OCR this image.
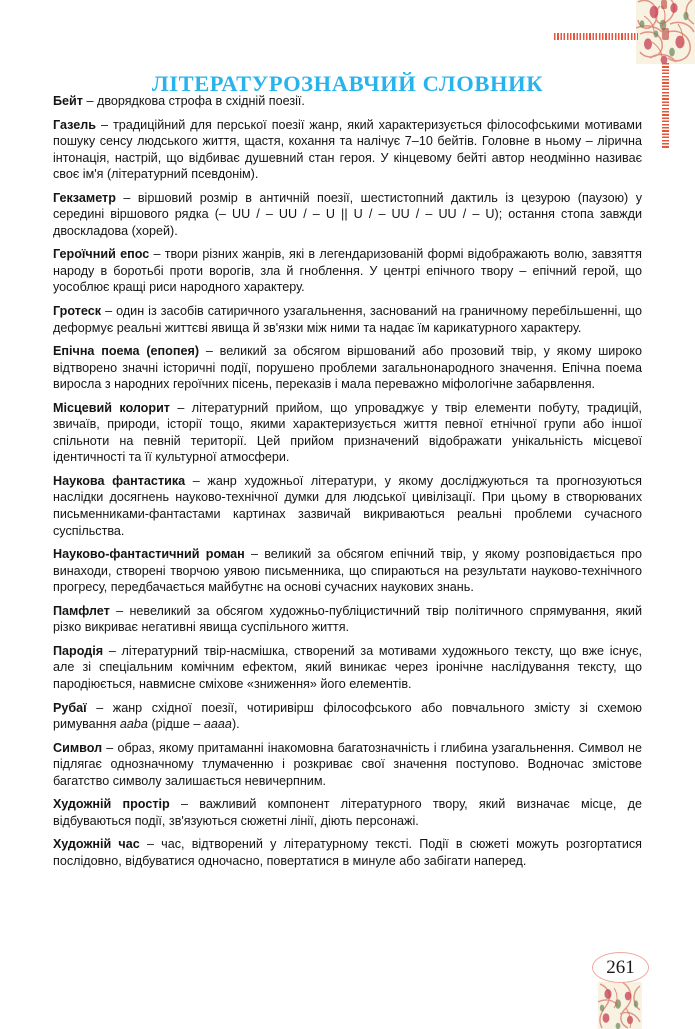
ЛІТЕРАТУРОЗНАВЧИЙ СЛОВНИК

Бейт – дворядкова строфа в східній поезії.

Газель – традиційний для перської поезії жанр, який характеризується філософськими мотивами пошуку сенсу людського життя, щастя, кохання та налічує 7–10 бейтів. Головне в ньому – лірична інтонація, настрій, що відбиває душевний стан героя. У кінцевому бейті автор неодмінно називає своє ім'я (літературний псевдонім).

Гекзаметр – віршовий розмір в античній поезії, шестистопний дактиль із цезурою (паузою) у середині віршового рядка (– UU / – UU / – U || U / – UU / – UU / – U); остання стопа завжди двоскладова (хорей).

Героїчний епос – твори різних жанрів, які в легендаризованій формі відображають волю, завзяття народу в боротьбі проти ворогів, зла й гноблення. У центрі епічного твору – епічний герой, що уособлює кращі риси народного характеру.

Гротеск – один із засобів сатиричного узагальнення, заснований на граничному перебільшенні, що деформує реальні життєві явища й зв'язки між ними та надає їм карикатурного характеру.

Епічна поема (епопея) – великий за обсягом віршований або прозовий твір, у якому широко відтворено значні історичні події, порушено проблеми загальнонародного значення. Епічна поема виросла з народних героїчних пісень, переказів і мала переважно міфологічне забарвлення.

Місцевий колорит – літературний прийом, що упроваджує у твір елементи побуту, традицій, звичаїв, природи, історії тощо, якими характеризується життя певної етнічної групи або іншої спільноти на певній території. Цей прийом призначений відображати унікальність місцевої ідентичності та її культурної атмосфери.

Наукова фантастика – жанр художньої літератури, у якому досліджуються та прогнозуються наслідки досягнень науково-технічної думки для людської цивілізації. При цьому в створюваних письменниками-фантастами картинах зазвичай викриваються реальні проблеми сучасного суспільства.

Науково-фантастичний роман – великий за обсягом епічний твір, у якому розповідається про винаходи, створені творчою уявою письменника, що спираються на результати науково-технічного прогресу, передбачається майбутнє на основі сучасних наукових знань.

Памфлет – невеликий за обсягом художньо-публіцистичний твір політичного спрямування, який різко викриває негативні явища суспільного життя.

Пародія – літературний твір-насмішка, створений за мотивами художнього тексту, що вже існує, але зі спеціальним комічним ефектом, який виникає через іронічне наслідування тексту, що пародіюється, навмисне сміхове «зниження» його елементів.

Рубаї – жанр східної поезії, чотиривірш філософського або повчального змісту зі схемою римування aaba (рідше – aaaa).

Символ – образ, якому притаманні інакомовна багатозначність і глибина узагальнення. Символ не підлягає однозначному тлумаченню і розкриває свої значення поступово. Водночас змістове багатство символу залишається невичерпним.

Художній простір – важливий компонент літературного твору, який визначає місце, де відбуваються події, зв'язуються сюжетні лінії, діють персонажі.

Художній час – час, відтворений у літературному тексті. Події в сюжеті можуть розгортатися послідовно, відбуватися одночасно, повертатися в минуле або забігати наперед.

261
